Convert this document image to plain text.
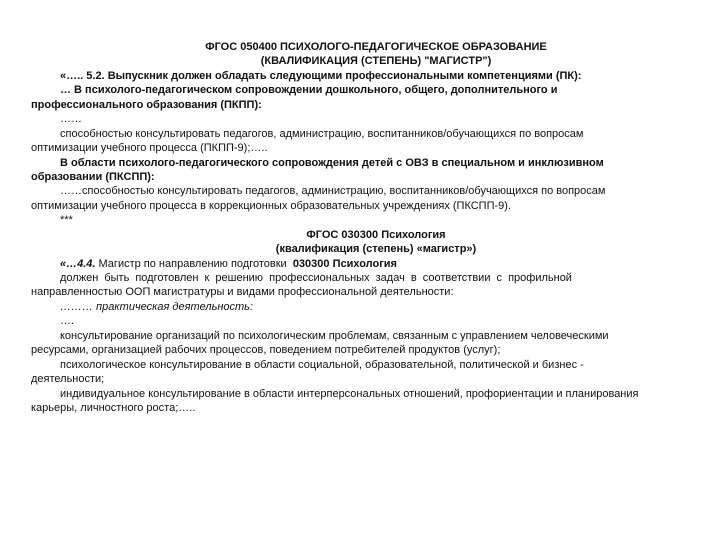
ФГОС 050400 ПСИХОЛОГО-ПЕДАГОГИЧЕСКОЕ ОБРАЗОВАНИЕ
(КВАЛИФИКАЦИЯ (СТЕПЕНЬ) "МАГИСТР")
«….. 5.2. Выпускник должен обладать следующими профессиональными компетенциями (ПК):
… В психолого-педагогическом сопровождении дошкольного, общего, дополнительного и
профессионального образования (ПКПП):
……
способностью консультировать педагогов, администрацию, воспитанников/обучающихся по вопросам
оптимизации учебного процесса (ПКПП-9);…..
В области психолого-педагогического сопровождения детей с ОВЗ в специальном и инклюзивном
образовании (ПКСПП):
……способностью консультировать педагогов, администрацию, воспитанников/обучающихся по вопросам
оптимизации учебного процесса в коррекционных образовательных учреждениях (ПКСПП-9).
***
ФГОС 030300 Психология
(квалификация (степень) «магистр»)
«…4.4. Магистр по направлению подготовки  030300 Психология
должен быть подготовлен к решению профессиональных задач в соответствии с профильной
направленностью ООП магистратуры и видами профессиональной деятельности:
……… практическая деятельность:
….
консультирование организаций по психологическим проблемам, связанным с управлением человеческими
ресурсами, организацией рабочих процессов, поведением потребителей продуктов (услуг);
психологическое консультирование в области социальной, образовательной, политической и бизнес -
деятельности;
индивидуальное консультирование в области интерперсональных отношений, профориентации и планирования
карьеры, личностного роста;…..
